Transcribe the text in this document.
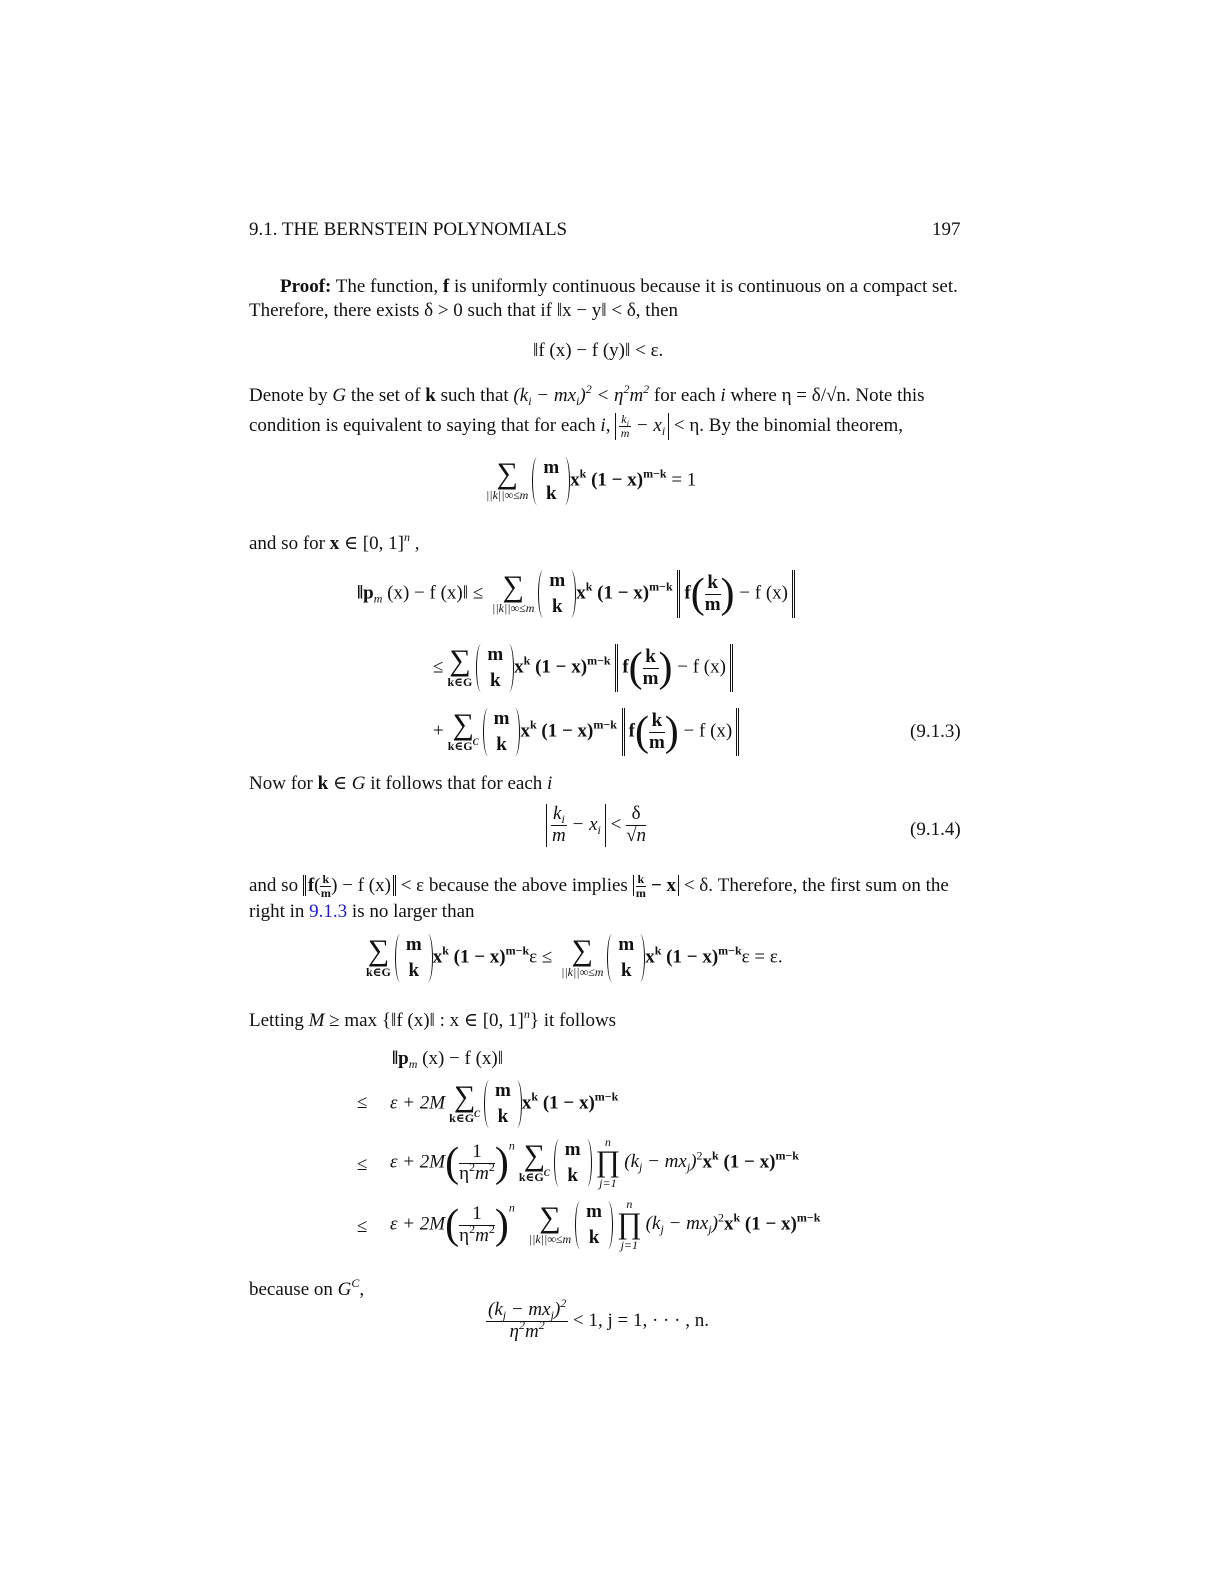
9.1. THE BERNSTEIN POLYNOMIALS	197
Proof: The function, f is uniformly continuous because it is continuous on a compact set. Therefore, there exists δ > 0 such that if ‖x − y‖ < δ, then
‖f (x) − f (y)‖ < ε.
Denote by G the set of k such that $(k_i - mx_i)^2 < \eta^2m^2$ for each i where η = δ/√n. Note this condition is equivalent to saying that for each i, $\frac{k_i}{m} - x_i < \eta$. By the binomial theorem,
∑
||k||∞≤m
m
k
$x^k$ $(1 - x)^{m-k} = 1$
and so for x ∈ [0, 1]$^n$ ,
$‖p_m$ (x) − f (x)‖ ≤ ∑
||k||∞≤m
m
k
$x^k$ $(1 - x)^{m-k}$ $f( \frac{k}{m}$ ) − f (x)
≤ ∑
k∈G
m
k
$x^k$ $(1 - x)^{m-k}$ $f( \frac{k}{m}$ ) − f (x)
+ ∑
$k\in G^C$
m
k
$x^k$ $(1 - x)^{m-k}$ $f( \frac{k}{m}$ ) − f (x)	(9.1.3)
Now for k ∈ G it follows that for each i
$\frac{k_i}{m} - x_i < \frac{\delta}{√n}$	(9.1.4)
and so $f( \frac{k}{m}$ ) − f (x) < ε because the above implies $\frac{k}{m} - x < \delta$. Therefore, the first sum on the right in 9.1.3 is no larger than
∑
k∈G
m
k
$x^k$ $(1 - x)^{m-k}\varepsilon$ ≤ ∑
||k||∞≤m
m
k
$x^k$ $(1 - x)^{m-k}\varepsilon = \varepsilon$.
Letting M ≥ max {‖f (x)‖ : x ∈ [0, 1]$^n$} it follows
$‖p_m$ (x) − f (x)‖
≤ ε + 2M ∑
$k\in G^C$
m
k
$x^k$ $(1 - x)^{m-k}$
≤ $\varepsilon + 2M( \frac{1}{\eta^2m^2} )^n$ ∑
$k\in G^C$
m
k
n
∏
j=1
$(k_j - mx_j)^2x^k$ $(1 - x)^{m-k}$
≤ $\varepsilon + 2M( \frac{1}{\eta^2m^2} )^n$ ∑
||k||∞≤m
m
k
n
∏
j=1
$(k_j - mx_j)^2x^k$ $(1 - x)^{m-k}$
because on $G^C$,
$\frac{(k_j - mx_j)^2}{\eta^2m^2} < 1$, j = 1, · · · , n.
